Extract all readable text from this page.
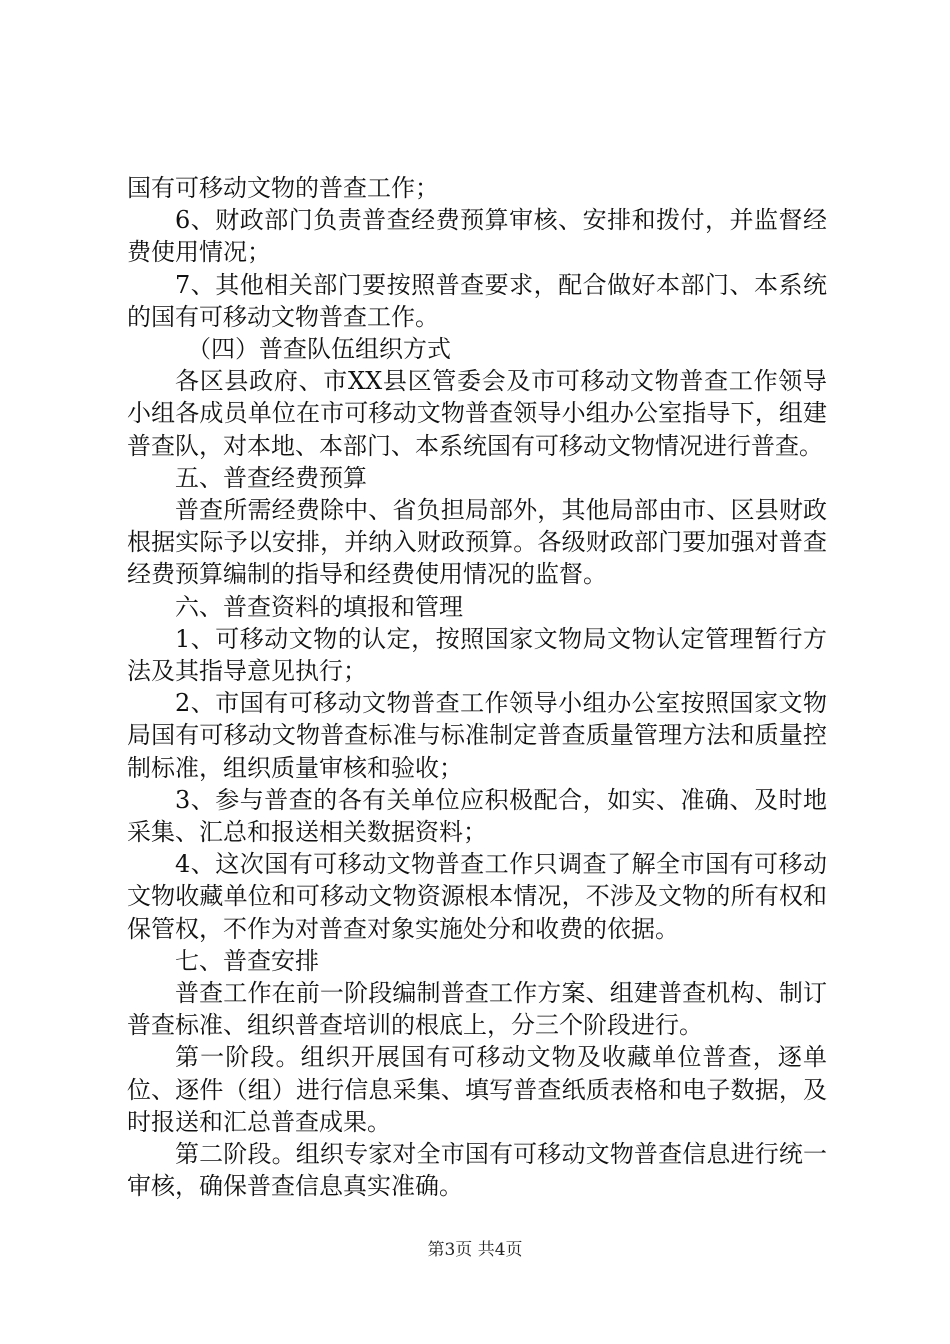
国有可移动文物的普查工作；

6、财政部门负责普查经费预算审核、安排和拨付，并监督经费使用情况；

7、其他相关部门要按照普查要求，配合做好本部门、本系统的国有可移动文物普查工作。

（四）普查队伍组织方式

各区县政府、市XX县区管委会及市可移动文物普查工作领导小组各成员单位在市可移动文物普查领导小组办公室指导下，组建普查队，对本地、本部门、本系统国有可移动文物情况进行普查。

五、普查经费预算

普查所需经费除中、省负担局部外，其他局部由市、区县财政根据实际予以安排，并纳入财政预算。各级财政部门要加强对普查经费预算编制的指导和经费使用情况的监督。

六、普查资料的填报和管理

1、可移动文物的认定，按照国家文物局文物认定管理暂行方法及其指导意见执行；

2、市国有可移动文物普查工作领导小组办公室按照国家文物局国有可移动文物普查标准与标准制定普查质量管理方法和质量控制标准，组织质量审核和验收；

3、参与普查的各有关单位应积极配合，如实、准确、及时地采集、汇总和报送相关数据资料；

4、这次国有可移动文物普查工作只调查了解全市国有可移动文物收藏单位和可移动文物资源根本情况，不涉及文物的所有权和保管权，不作为对普查对象实施处分和收费的依据。

七、普查安排

普查工作在前一阶段编制普查工作方案、组建普查机构、制订普查标准、组织普查培训的根底上，分三个阶段进行。

第一阶段。组织开展国有可移动文物及收藏单位普查，逐单位、逐件（组）进行信息采集、填写普查纸质表格和电子数据，及时报送和汇总普查成果。

第二阶段。组织专家对全市国有可移动文物普查信息进行统一审核，确保普查信息真实准确。

第3页 共4页
